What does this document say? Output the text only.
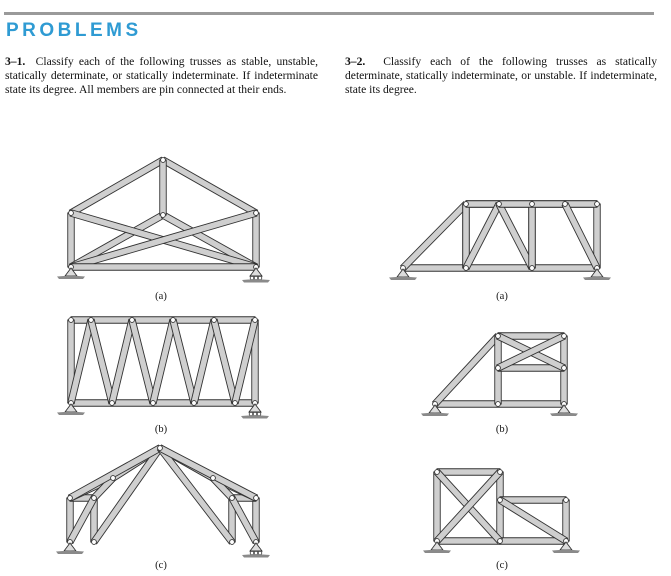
PROBLEMS
3–1. Classify each of the following trusses as stable, unstable, statically determinate, or statically indeterminate. If indeterminate state its degree. All members are pin connected at their ends.
3–2. Classify each of the following trusses as statically determinate, statically indeterminate, or unstable. If indeterminate, state its degree.
(a)
(b)
(c)
(a)
(b)
(c)
